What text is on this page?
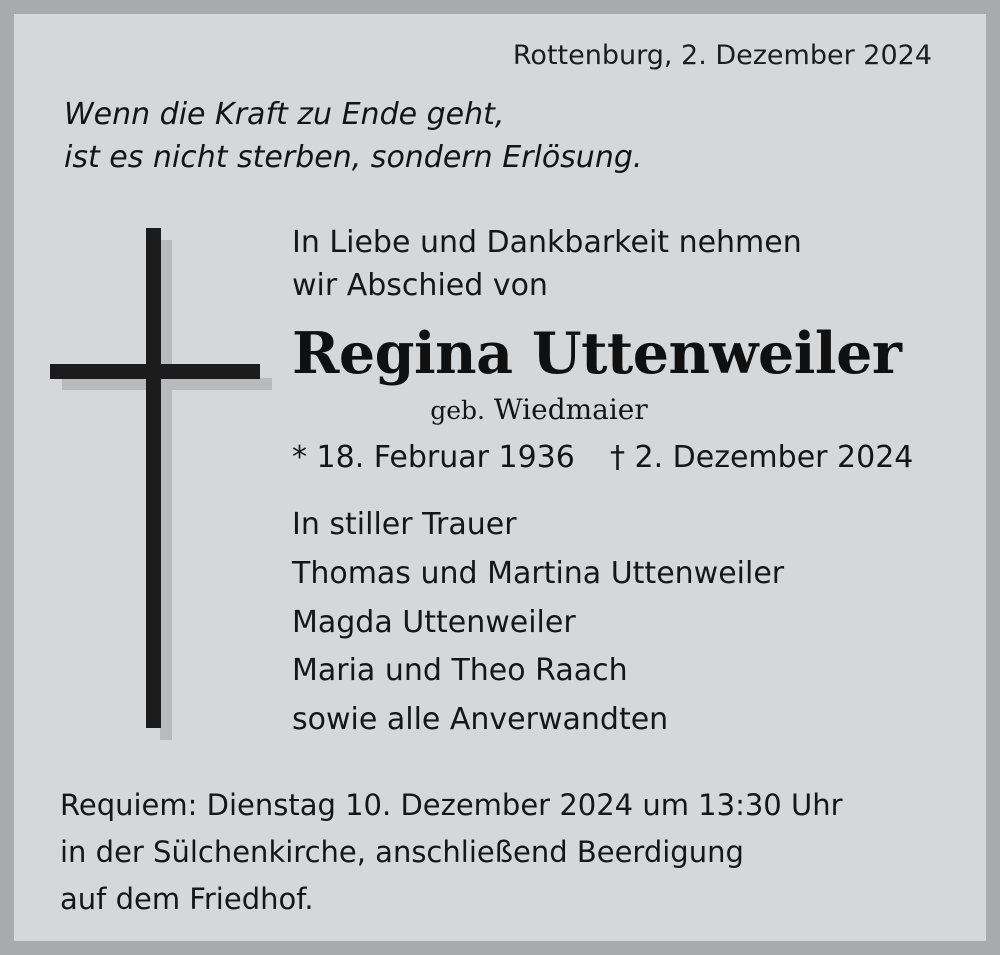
Rottenburg, 2. Dezember 2024
Wenn die Kraft zu Ende geht,
ist es nicht sterben, sondern Erlösung.
In Liebe und Dankbarkeit nehmen
wir Abschied von
Regina Uttenweiler
geb. Wiedmaier
* 18. Februar 1936 † 2. Dezember 2024
In stiller Trauer
Thomas und Martina Uttenweiler
Magda Uttenweiler
Maria und Theo Raach
sowie alle Anverwandten
Requiem: Dienstag 10. Dezember 2024 um 13:30 Uhr
in der Sülchenkirche, anschließend Beerdigung
auf dem Friedhof.
